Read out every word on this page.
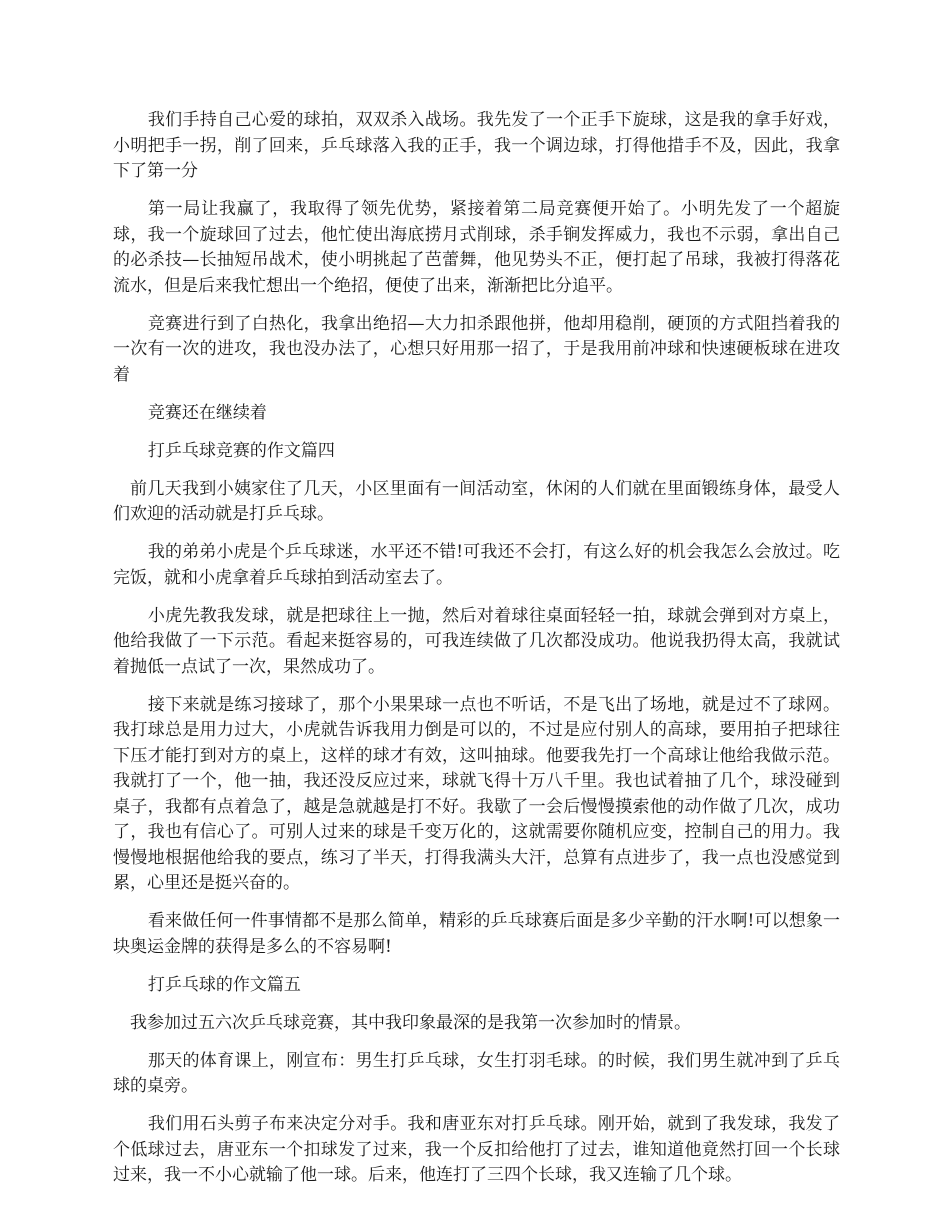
我们手持自己心爱的球拍，双双杀入战场。我先发了一个正手下旋球，这是我的拿手好戏，小明把手一拐，削了回来，乒乓球落入我的正手，我一个调边球，打得他措手不及，因此，我拿下了第一分

第一局让我赢了，我取得了领先优势，紧接着第二局竞赛便开始了。小明先发了一个超旋球，我一个旋球回了过去，他忙使出海底捞月式削球，杀手锏发挥威力，我也不示弱，拿出自己的必杀技—长抽短吊战术，使小明挑起了芭蕾舞，他见势头不正，便打起了吊球，我被打得落花流水，但是后来我忙想出一个绝招，便使了出来，渐渐把比分追平。

竞赛进行到了白热化，我拿出绝招—大力扣杀跟他拼，他却用稳削，硬顶的方式阻挡着我的一次有一次的进攻，我也没办法了，心想只好用那一招了，于是我用前冲球和快速硬板球在进攻着

竞赛还在继续着

打乒乓球竞赛的作文篇四

前几天我到小姨家住了几天，小区里面有一间活动室，休闲的人们就在里面锻练身体，最受人们欢迎的活动就是打乒乓球。

我的弟弟小虎是个乒乓球迷，水平还不错!可我还不会打，有这么好的机会我怎么会放过。吃完饭，就和小虎拿着乒乓球拍到活动室去了。

小虎先教我发球，就是把球往上一抛，然后对着球往桌面轻轻一拍，球就会弹到对方桌上，他给我做了一下示范。看起来挺容易的，可我连续做了几次都没成功。他说我扔得太高，我就试着抛低一点试了一次，果然成功了。

接下来就是练习接球了，那个小果果球一点也不听话，不是飞出了场地，就是过不了球网。我打球总是用力过大，小虎就告诉我用力倒是可以的，不过是应付别人的高球，要用拍子把球往下压才能打到对方的桌上，这样的球才有效，这叫抽球。他要我先打一个高球让他给我做示范。我就打了一个，他一抽，我还没反应过来，球就飞得十万八千里。我也试着抽了几个，球没碰到桌子，我都有点着急了，越是急就越是打不好。我歇了一会后慢慢摸索他的动作做了几次，成功了，我也有信心了。可别人过来的球是千变万化的，这就需要你随机应变，控制自己的用力。我慢慢地根据他给我的要点，练习了半天，打得我满头大汗，总算有点进步了，我一点也没感觉到累，心里还是挺兴奋的。

看来做任何一件事情都不是那么简单，精彩的乒乓球赛后面是多少辛勤的汗水啊!可以想象一块奥运金牌的获得是多么的不容易啊!

打乒乓球的作文篇五

我参加过五六次乒乓球竞赛，其中我印象最深的是我第一次参加时的情景。

那天的体育课上，刚宣布：男生打乒乓球，女生打羽毛球。的时候，我们男生就冲到了乒乓球的桌旁。

我们用石头剪子布来决定分对手。我和唐亚东对打乒乓球。刚开始，就到了我发球，我发了个低球过去，唐亚东一个扣球发了过来，我一个反扣给他打了过去，谁知道他竟然打回一个长球过来，我一不小心就输了他一球。后来，他连打了三四个长球，我又连输了几个球。
